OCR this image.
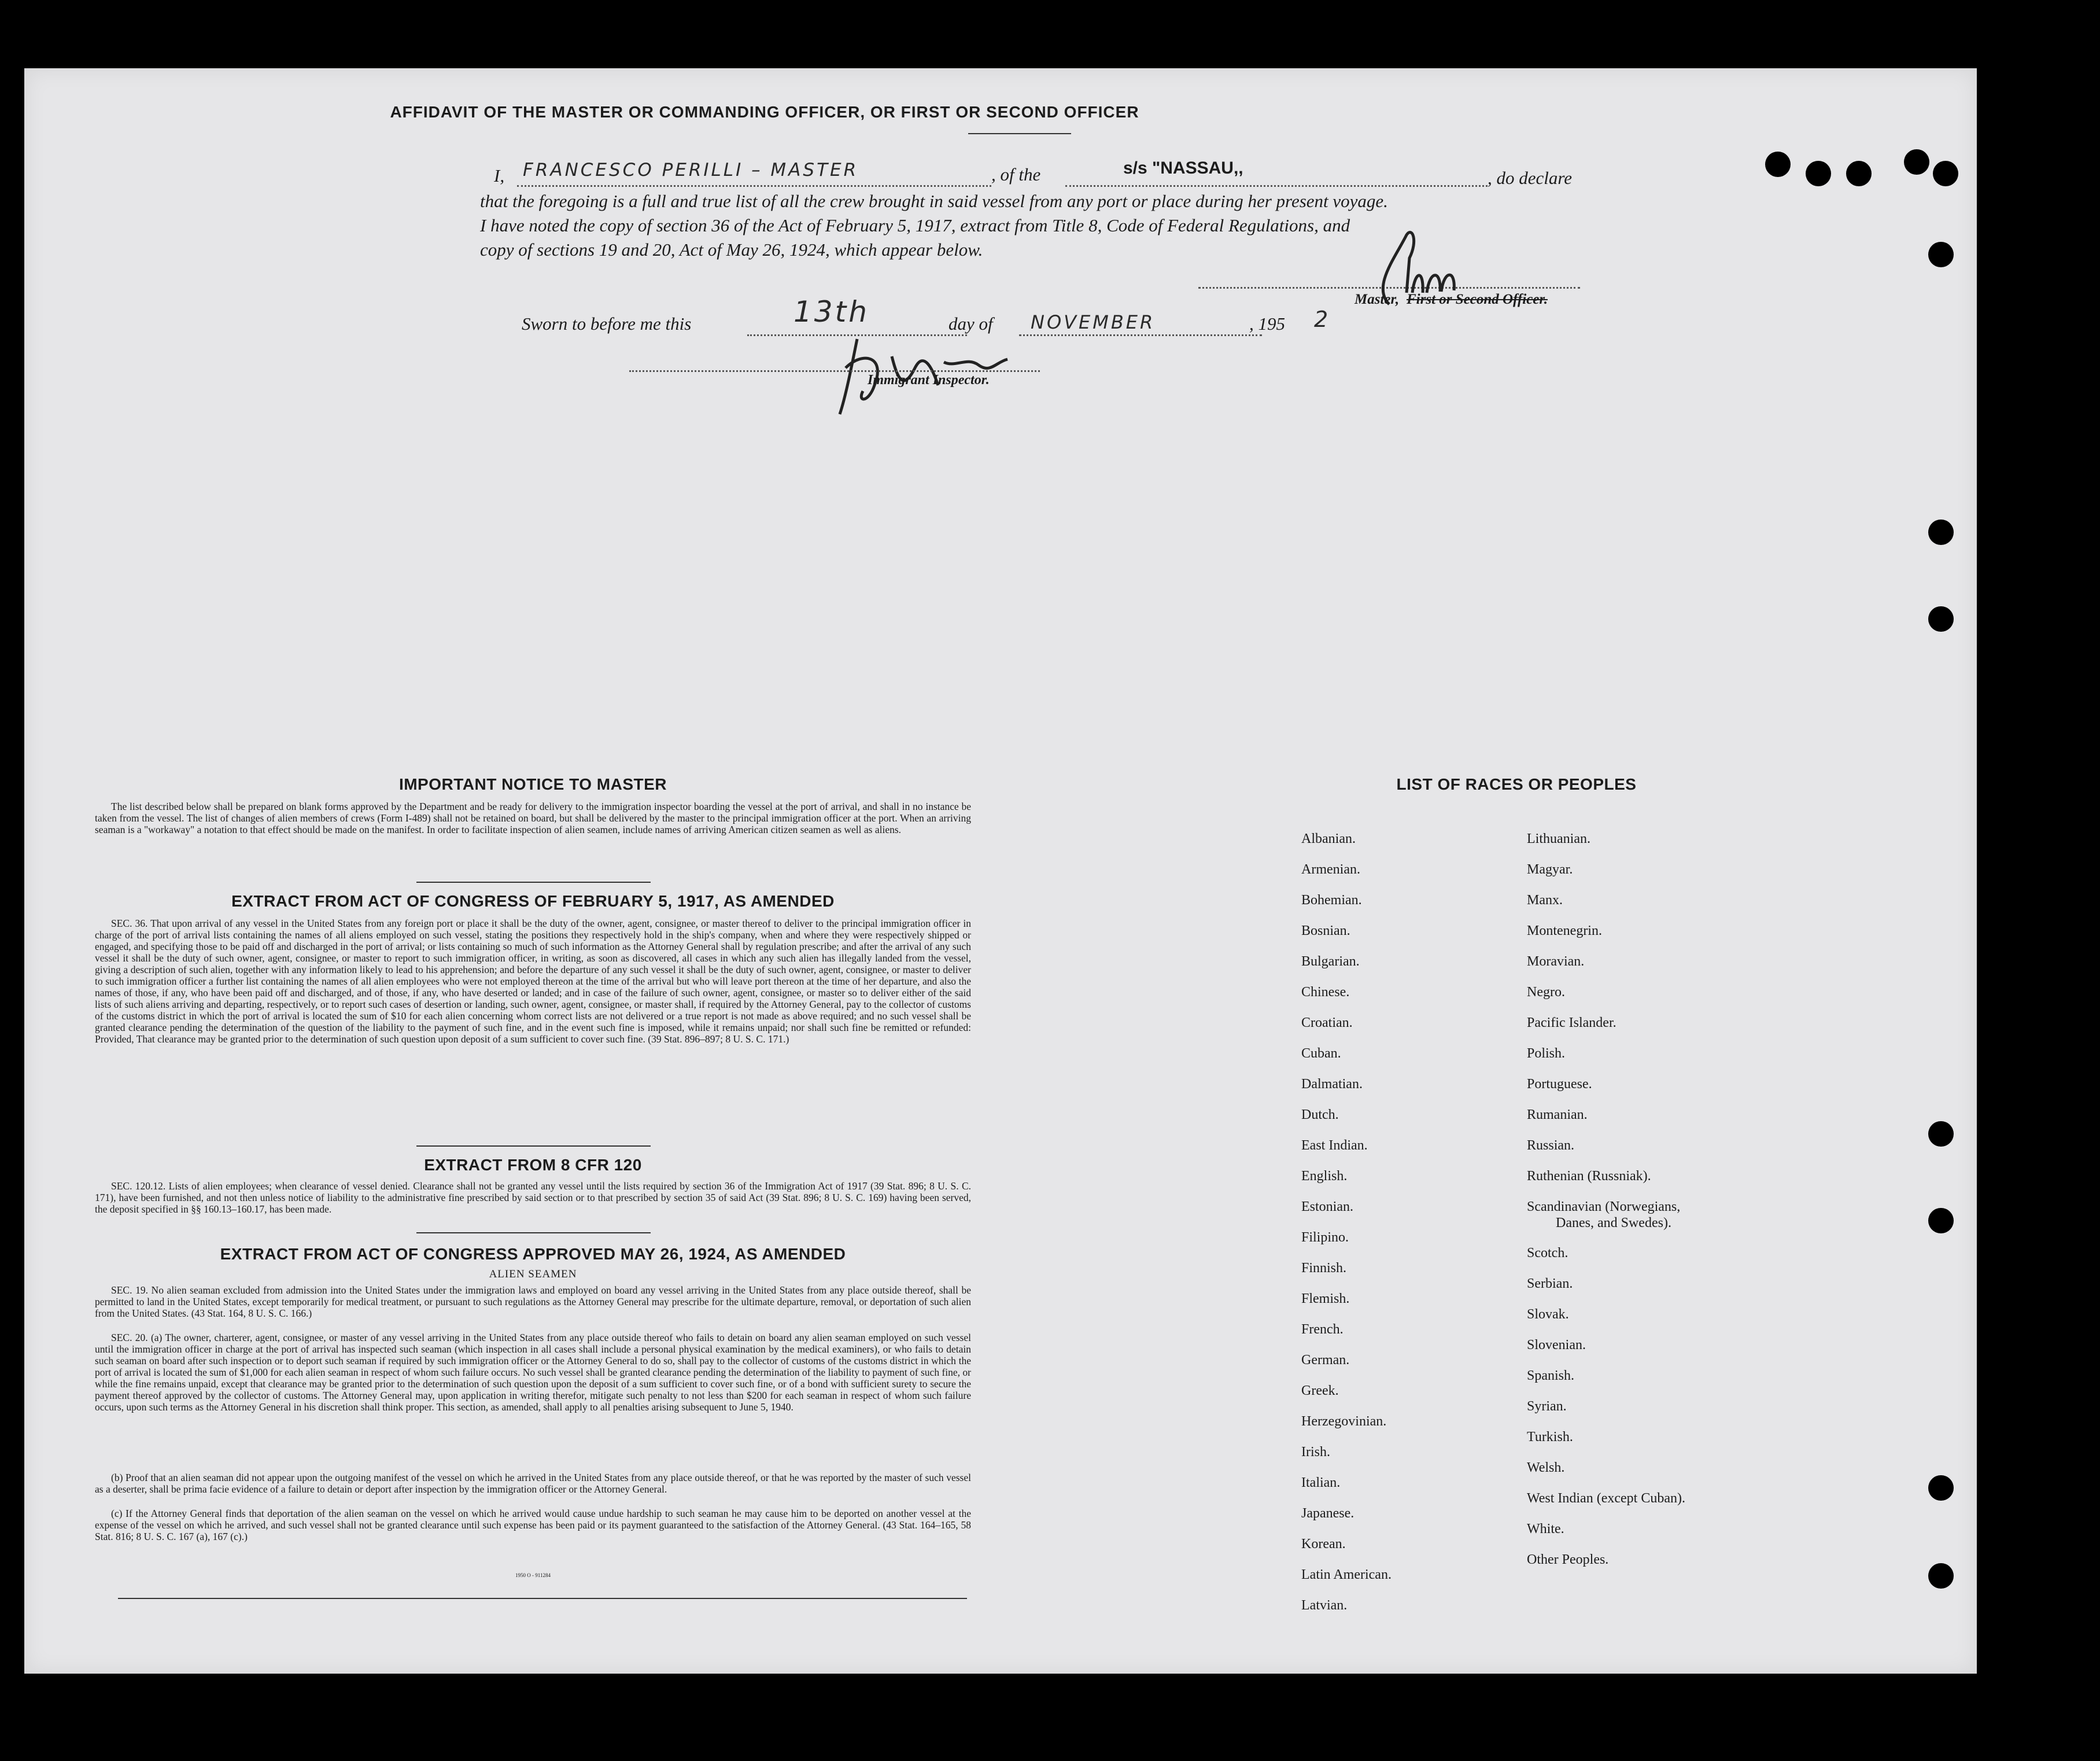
AFFIDAVIT OF THE MASTER OR COMMANDING OFFICER, OR FIRST OR SECOND OFFICER
I, FRANCESCO PERILLI – MASTER	, of the	s/s "NASSAU,,	, do declare
that the foregoing is a full and true list of all the crew brought in said vessel from any port or place during her present voyage.
I have noted the copy of section 36 of the Act of February 5, 1917, extract from Title 8, Code of Federal Regulations, and
copy of sections 19 and 20, Act of May 26, 1924, which appear below.
Master, First or Second Officer.
Sworn to before me this	13th	day of NOVEMBER	, 195 2
Immigrant Inspector.
IMPORTANT NOTICE TO MASTER
The list described below shall be prepared on blank forms approved by the Department and be ready for delivery to the immigration inspector boarding the vessel at the port of arrival, and shall in no instance be taken from the vessel. The list of changes of alien members of crews (Form I-489) shall not be retained on board, but shall be delivered by the master to the principal immigration officer at the port. When an arriving seaman is a "workaway" a notation to that effect should be made on the manifest. In order to facilitate inspection of alien seamen, include names of arriving American citizen seamen as well as aliens.
EXTRACT FROM ACT OF CONGRESS OF FEBRUARY 5, 1917, AS AMENDED
SEC. 36. That upon arrival of any vessel in the United States from any foreign port or place it shall be the duty of the owner, agent, consignee, or master thereof to deliver to the principal immigration officer in charge of the port of arrival lists containing the names of all aliens employed on such vessel, stating the positions they respectively hold in the ship's company, when and where they were respectively shipped or engaged, and specifying those to be paid off and discharged in the port of arrival; or lists containing so much of such information as the Attorney General shall by regulation prescribe; and after the arrival of any such vessel it shall be the duty of such owner, agent, consignee, or master to report to such immigration officer, in writing, as soon as discovered, all cases in which any such alien has illegally landed from the vessel, giving a description of such alien, together with any information likely to lead to his apprehension; and before the departure of any such vessel it shall be the duty of such owner, agent, consignee, or master to deliver to such immigration officer a further list containing the names of all alien employees who were not employed thereon at the time of the arrival but who will leave port thereon at the time of her departure, and also the names of those, if any, who have been paid off and discharged, and of those, if any, who have deserted or landed; and in case of the failure of such owner, agent, consignee, or master so to deliver either of the said lists of such aliens arriving and departing, respectively, or to report such cases of desertion or landing, such owner, agent, consignee, or master shall, if required by the Attorney General, pay to the collector of customs of the customs district in which the port of arrival is located the sum of $10 for each alien concerning whom correct lists are not delivered or a true report is not made as above required; and no such vessel shall be granted clearance pending the determination of the question of the liability to the payment of such fine, and in the event such fine is imposed, while it remains unpaid; nor shall such fine be remitted or refunded: Provided, That clearance may be granted prior to the determination of such question upon deposit of a sum sufficient to cover such fine. (39 Stat. 896–897; 8 U. S. C. 171.)
EXTRACT FROM 8 CFR 120
SEC. 120.12. Lists of alien employees; when clearance of vessel denied. Clearance shall not be granted any vessel until the lists required by section 36 of the Immigration Act of 1917 (39 Stat. 896; 8 U. S. C. 171), have been furnished, and not then unless notice of liability to the administrative fine prescribed by said section or to that prescribed by section 35 of said Act (39 Stat. 896; 8 U. S. C. 169) having been served, the deposit specified in §§ 160.13–160.17, has been made.
EXTRACT FROM ACT OF CONGRESS APPROVED MAY 26, 1924, AS AMENDED
ALIEN SEAMEN
SEC. 19. No alien seaman excluded from admission into the United States under the immigration laws and employed on board any vessel arriving in the United States from any place outside thereof, shall be permitted to land in the United States, except temporarily for medical treatment, or pursuant to such regulations as the Attorney General may prescribe for the ultimate departure, removal, or deportation of such alien from the United States. (43 Stat. 164, 8 U. S. C. 166.)
SEC. 20. (a) The owner, charterer, agent, consignee, or master of any vessel arriving in the United States from any place outside thereof who fails to detain on board any alien seaman employed on such vessel until the immigration officer in charge at the port of arrival has inspected such seaman (which inspection in all cases shall include a personal physical examination by the medical examiners), or who fails to detain such seaman on board after such inspection or to deport such seaman if required by such immigration officer or the Attorney General to do so, shall pay to the collector of customs of the customs district in which the port of arrival is located the sum of $1,000 for each alien seaman in respect of whom such failure occurs. No such vessel shall be granted clearance pending the determination of the liability to payment of such fine, or while the fine remains unpaid, except that clearance may be granted prior to the determination of such question upon the deposit of a sum sufficient to cover such fine, or of a bond with sufficient surety to secure the payment thereof approved by the collector of customs. The Attorney General may, upon application in writing therefor, mitigate such penalty to not less than $200 for each seaman in respect of whom such failure occurs, upon such terms as the Attorney General in his discretion shall think proper. This section, as amended, shall apply to all penalties arising subsequent to June 5, 1940.
(b) Proof that an alien seaman did not appear upon the outgoing manifest of the vessel on which he arrived in the United States from any place outside thereof, or that he was reported by the master of such vessel as a deserter, shall be prima facie evidence of a failure to detain or deport after inspection by the immigration officer or the Attorney General.
(c) If the Attorney General finds that deportation of the alien seaman on the vessel on which he arrived would cause undue hardship to such seaman he may cause him to be deported on another vessel at the expense of the vessel on which he arrived, and such vessel shall not be granted clearance until such expense has been paid or its payment guaranteed to the satisfaction of the Attorney General. (43 Stat. 164–165, 58 Stat. 816; 8 U. S. C. 167 (a), 167 (c).)
1950 O - 911284
LIST OF RACES OR PEOPLES
Albanian.
Armenian.
Bohemian.
Bosnian.
Bulgarian.
Chinese.
Croatian.
Cuban.
Dalmatian.
Dutch.
East Indian.
English.
Estonian.
Filipino.
Finnish.
Flemish.
French.
German.
Greek.
Herzegovinian.
Irish.
Italian.
Japanese.
Korean.
Latin American.
Latvian.
Lithuanian.
Magyar.
Manx.
Montenegrin.
Moravian.
Negro.
Pacific Islander.
Polish.
Portuguese.
Rumanian.
Russian.
Ruthenian (Russniak).
Scandinavian (Norwegians,
Danes, and Swedes).
Scotch.
Serbian.
Slovak.
Slovenian.
Spanish.
Syrian.
Turkish.
Welsh.
West Indian (except Cuban).
White.
Other Peoples.
